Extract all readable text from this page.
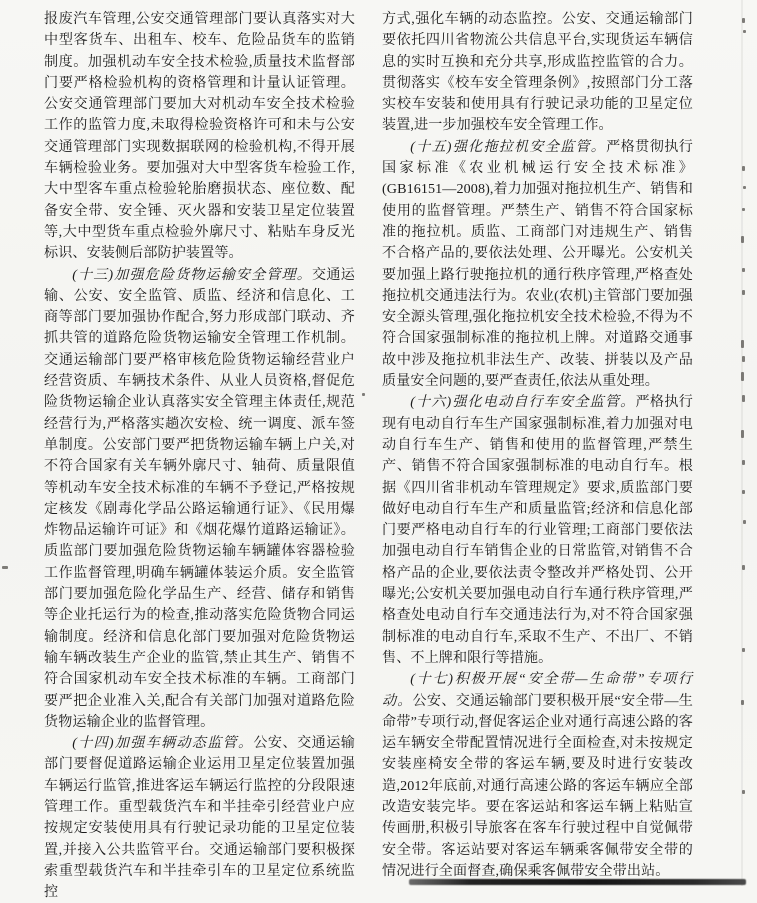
报废汽车管理,公安交通管理部门要认真落实对大中型客货车、出租车、校车、危险品货车的监销制度。加强机动车安全技术检验,质量技术监督部门要严格检验机构的资格管理和计量认证管理。公安交通管理部门要加大对机动车安全技术检验工作的监管力度,未取得检验资格许可和未与公安交通管理部门实现数据联网的检验机构,不得开展车辆检验业务。要加强对大中型客货车检验工作,大中型客车重点检验轮胎磨损状态、座位数、配备安全带、安全锤、灭火器和安装卫星定位装置等,大中型货车重点检验外廓尺寸、粘贴车身反光标识、安装侧后部防护装置等。

(十三)加强危险货物运输安全管理。交通运输、公安、安全监管、质监、经济和信息化、工商等部门要加强协作配合,努力形成部门联动、齐抓共管的道路危险货物运输安全管理工作机制。交通运输部门要严格审核危险货物运输经营业户经营资质、车辆技术条件、从业人员资格,督促危险货物运输企业认真落实安全管理主体责任,规范经营行为,严格落实趟次安检、统一调度、派车签单制度。公安部门要严把货物运输车辆上户关,对不符合国家有关车辆外廓尺寸、轴荷、质量限值等机动车安全技术标准的车辆不予登记,严格按规定核发《剧毒化学品公路运输通行证》、《民用爆炸物品运输许可证》和《烟花爆竹道路运输证》。质监部门要加强危险货物运输车辆罐体容器检验工作监督管理,明确车辆罐体装运介质。安全监管部门要加强危险化学品生产、经营、储存和销售等企业托运行为的检查,推动落实危险货物合同运输制度。经济和信息化部门要加强对危险货物运输车辆改装生产企业的监管,禁止其生产、销售不符合国家机动车安全技术标准的车辆。工商部门要严把企业准入关,配合有关部门加强对道路危险货物运输企业的监督管理。

(十四)加强车辆动态监管。公安、交通运输部门要督促道路运输企业运用卫星定位装置加强车辆运行监管,推进客运车辆运行监控的分段限速管理工作。重型载货汽车和半挂牵引经营业户应按规定安装使用具有行驶记录功能的卫星定位装置,并接入公共监管平台。交通运输部门要积极探索重型载货汽车和半挂牵引车的卫星定位系统监控

方式,强化车辆的动态监控。公安、交通运输部门要依托四川省物流公共信息平台,实现货运车辆信息的实时互换和充分共享,形成监控监管的合力。贯彻落实《校车安全管理条例》,按照部门分工落实校车安装和使用具有行驶记录功能的卫星定位装置,进一步加强校车安全管理工作。

(十五)强化拖拉机安全监管。严格贯彻执行国家标准《农业机械运行安全技术标准》(GB16151—2008),着力加强对拖拉机生产、销售和使用的监督管理。严禁生产、销售不符合国家标准的拖拉机。质监、工商部门对违规生产、销售不合格产品的,要依法处理、公开曝光。公安机关要加强上路行驶拖拉机的通行秩序管理,严格查处拖拉机交通违法行为。农业(农机)主管部门要加强安全源头管理,强化拖拉机安全技术检验,不得为不符合国家强制标准的拖拉机上牌。对道路交通事故中涉及拖拉机非法生产、改装、拼装以及产品质量安全问题的,要严查责任,依法从重处理。

(十六)强化电动自行车安全监管。严格执行现有电动自行车生产国家强制标准,着力加强对电动自行车生产、销售和使用的监督管理,严禁生产、销售不符合国家强制标准的电动自行车。根据《四川省非机动车管理规定》要求,质监部门要做好电动自行车生产和质量监管;经济和信息化部门要严格电动自行车的行业管理;工商部门要依法加强电动自行车销售企业的日常监管,对销售不合格产品的企业,要依法责令整改并严格处罚、公开曝光;公安机关要加强电动自行车通行秩序管理,严格查处电动自行车交通违法行为,对不符合国家强制标准的电动自行车,采取不生产、不出厂、不销售、不上牌和限行等措施。

(十七)积极开展“安全带—生命带”专项行动。公安、交通运输部门要积极开展“安全带—生命带”专项行动,督促客运企业对通行高速公路的客运车辆安全带配置情况进行全面检查,对未按规定安装座椅安全带的客运车辆,要及时进行安装改造,2012年底前,对通行高速公路的客运车辆应全部改造安装完毕。要在客运站和客运车辆上粘贴宣传画册,积极引导旅客在客车行驶过程中自觉佩带安全带。客运站要对客运车辆乘客佩带安全带的情况进行全面督查,确保乘客佩带安全带出站。
